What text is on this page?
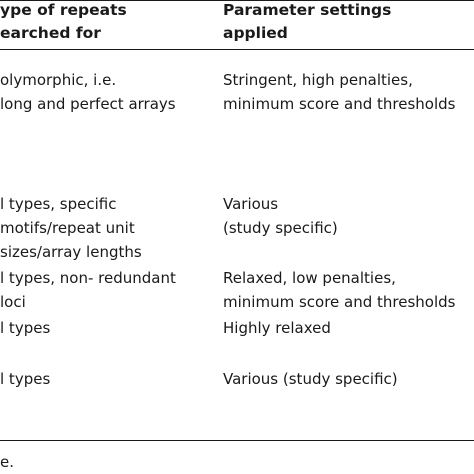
ype of repeats
earched for
Parameter settings
applied
olymorphic, i.e.
long and perfect arrays
Stringent, high penalties,
minimum score and thresholds
l types, specific
motifs/repeat unit
sizes/array lengths
Various
(study specific)
l types, non- redundant
loci
Relaxed, low penalties,
minimum score and thresholds
l types	Highly relaxed
l types	Various (study specific)
e.
